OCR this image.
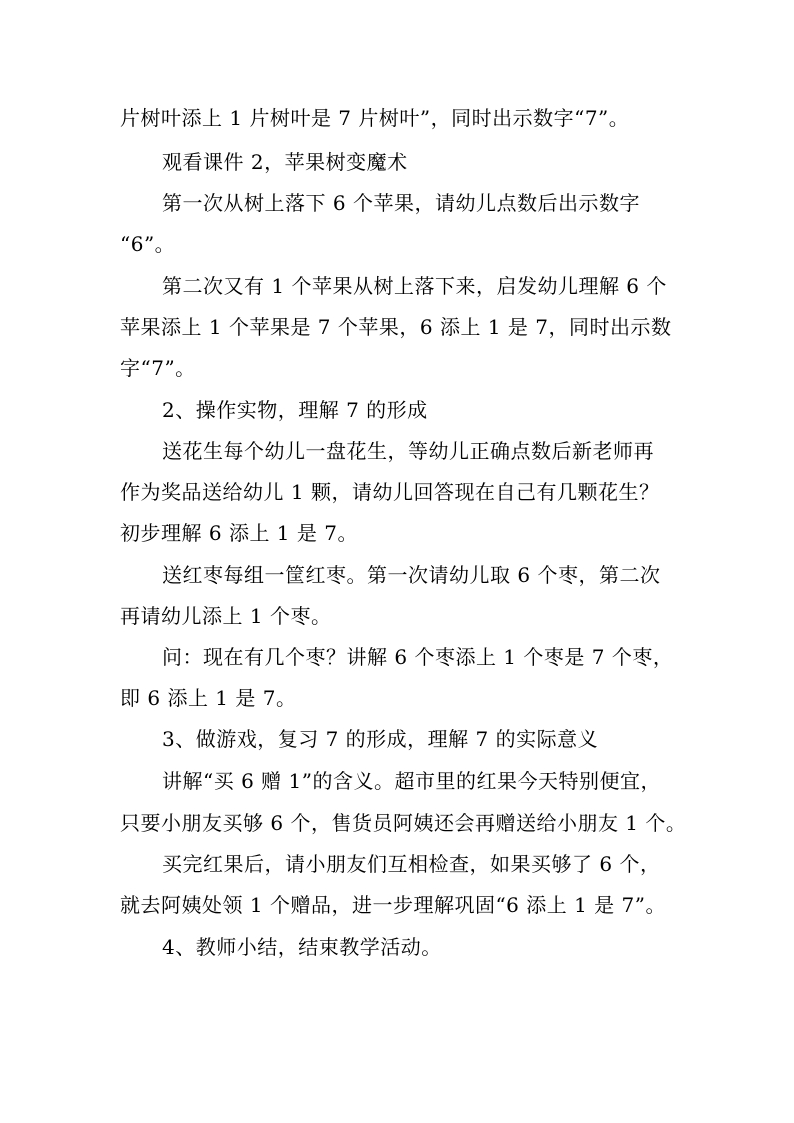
片树叶添上 1 片树叶是 7 片树叶”，同时出示数字“7”。
观看课件 2，苹果树变魔术
第一次从树上落下 6 个苹果，请幼儿点数后出示数字
“6”。
第二次又有 1 个苹果从树上落下来，启发幼儿理解 6 个
苹果添上 1 个苹果是 7 个苹果，6 添上 1 是 7，同时出示数
字“7”。
2、操作实物，理解 7 的形成
送花生每个幼儿一盘花生，等幼儿正确点数后新老师再
作为奖品送给幼儿 1 颗，请幼儿回答现在自己有几颗花生？
初步理解 6 添上 1 是 7。
送红枣每组一筐红枣。第一次请幼儿取 6 个枣，第二次
再请幼儿添上 1 个枣。
问：现在有几个枣？讲解 6 个枣添上 1 个枣是 7 个枣，
即 6 添上 1 是 7。
3、做游戏，复习 7 的形成，理解 7 的实际意义
讲解“买 6 赠 1”的含义。超市里的红果今天特别便宜，
只要小朋友买够 6 个，售货员阿姨还会再赠送给小朋友 1 个。
买完红果后，请小朋友们互相检查，如果买够了 6 个，
就去阿姨处领 1 个赠品，进一步理解巩固“6 添上 1 是 7”。
4、教师小结，结束教学活动。
